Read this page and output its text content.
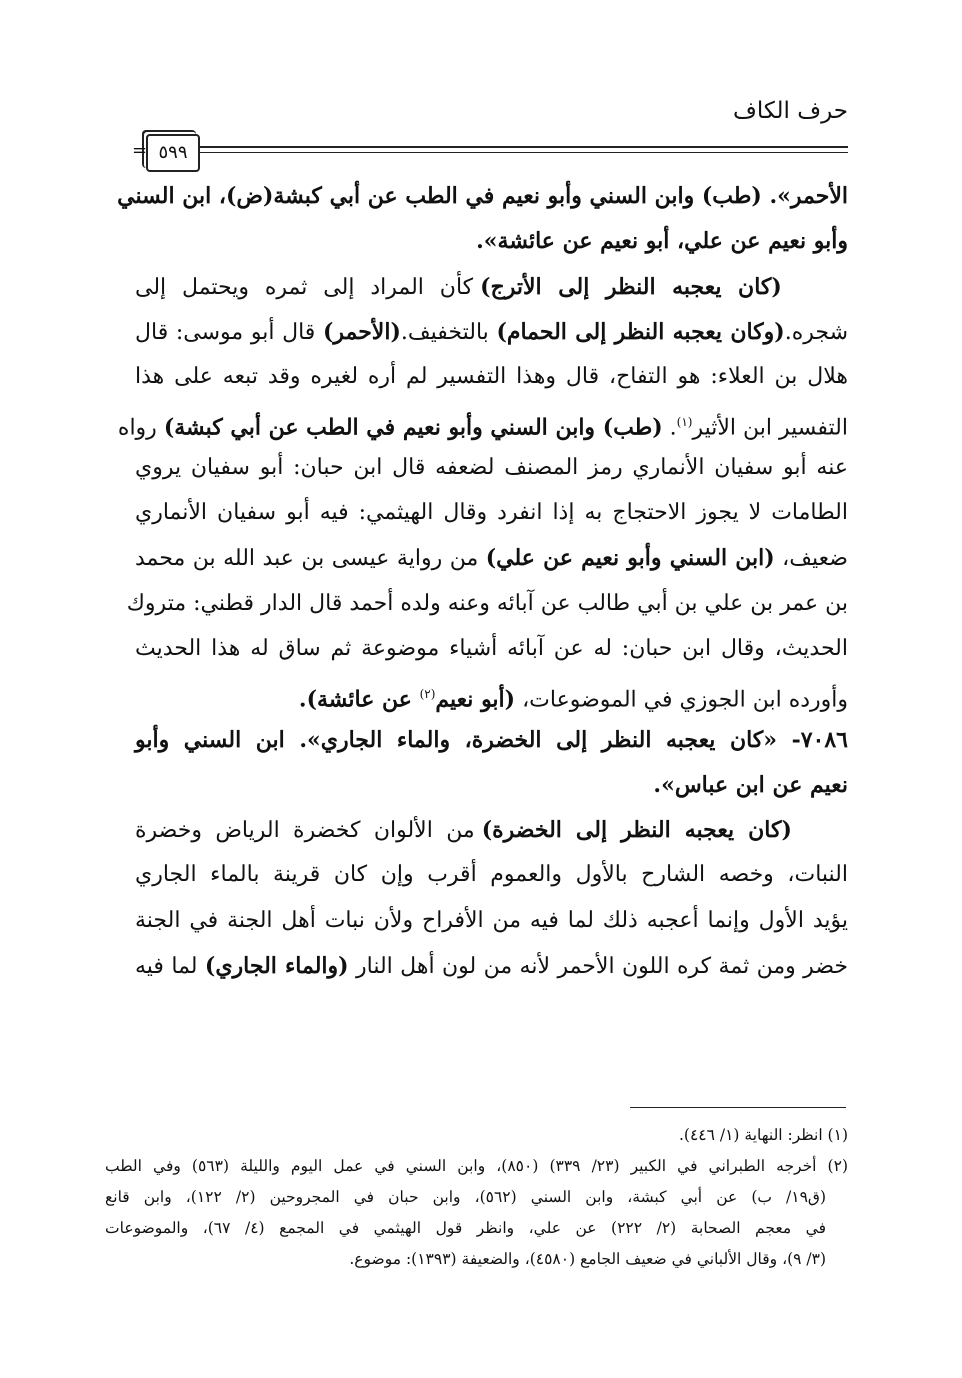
حرف الكاف
٥٩٩
=
الأحمر». (طب) وابن السني وأبو نعيم في الطب عن أبي كبشة(ض)، ابن السني
وأبو نعيم عن علي، أبو نعيم عن عائشة».
(كان يعجبه النظر إلى الأترج) كأن المراد إلى ثمره ويحتمل إلى
شجره.(وكان يعجبه النظر إلى الحمام) بالتخفيف.(الأحمر) قال أبو موسى: قال
هلال بن العلاء: هو التفاح، قال وهذا التفسير لم أره لغيره وقد تبعه على هذا
التفسير ابن الأثير$^{(١)}$. (طب) وابن السني وأبو نعيم في الطب عن أبي كبشة) رواه
عنه أبو سفيان الأنماري رمز المصنف لضعفه قال ابن حبان: أبو سفيان يروي
الطامات لا يجوز الاحتجاج به إذا انفرد وقال الهيثمي: فيه أبو سفيان الأنماري
ضعيف، (ابن السني وأبو نعيم عن علي) من رواية عيسى بن عبد الله بن محمد
بن عمر بن علي بن أبي طالب عن آبائه وعنه ولده أحمد قال الدار قطني: متروك
الحديث، وقال ابن حبان: له عن آبائه أشياء موضوعة ثم ساق له هذا الحديث
وأورده ابن الجوزي في الموضوعات، (أبو نعيم$^{(٢)}$ عن عائشة).
٧٠٨٦- «كان يعجبه النظر إلى الخضرة، والماء الجاري». ابن السني وأبو
نعيم عن ابن عباس».
(كان يعجبه النظر إلى الخضرة) من الألوان كخضرة الرياض وخضرة
النبات، وخصه الشارح بالأول والعموم أقرب وإن كان قرينة بالماء الجاري
يؤيد الأول وإنما أعجبه ذلك لما فيه من الأفراح ولأن نبات أهل الجنة في الجنة
خضر ومن ثمة كره اللون الأحمر لأنه من لون أهل النار (والماء الجاري) لما فيه
(١) انظر: النهاية (١/ ٤٤٦).
(٢) أخرجه الطبراني في الكبير (٢٣/ ٣٣٩) (٨٥٠)، وابن السني في عمل اليوم والليلة (٥٦٣) وفي الطب
(ق١٩/ ب) عن أبي كبشة، وابن السني (٥٦٢)، وابن حبان في المجروحين (٢/ ١٢٢)، وابن قانع
في معجم الصحابة (٢/ ٢٢٢) عن علي، وانظر قول الهيثمي في المجمع (٤/ ٦٧)، والموضوعات
(٣/ ٩)، وقال الألباني في ضعيف الجامع (٤٥٨٠)، والضعيفة (١٣٩٣): موضوع.
